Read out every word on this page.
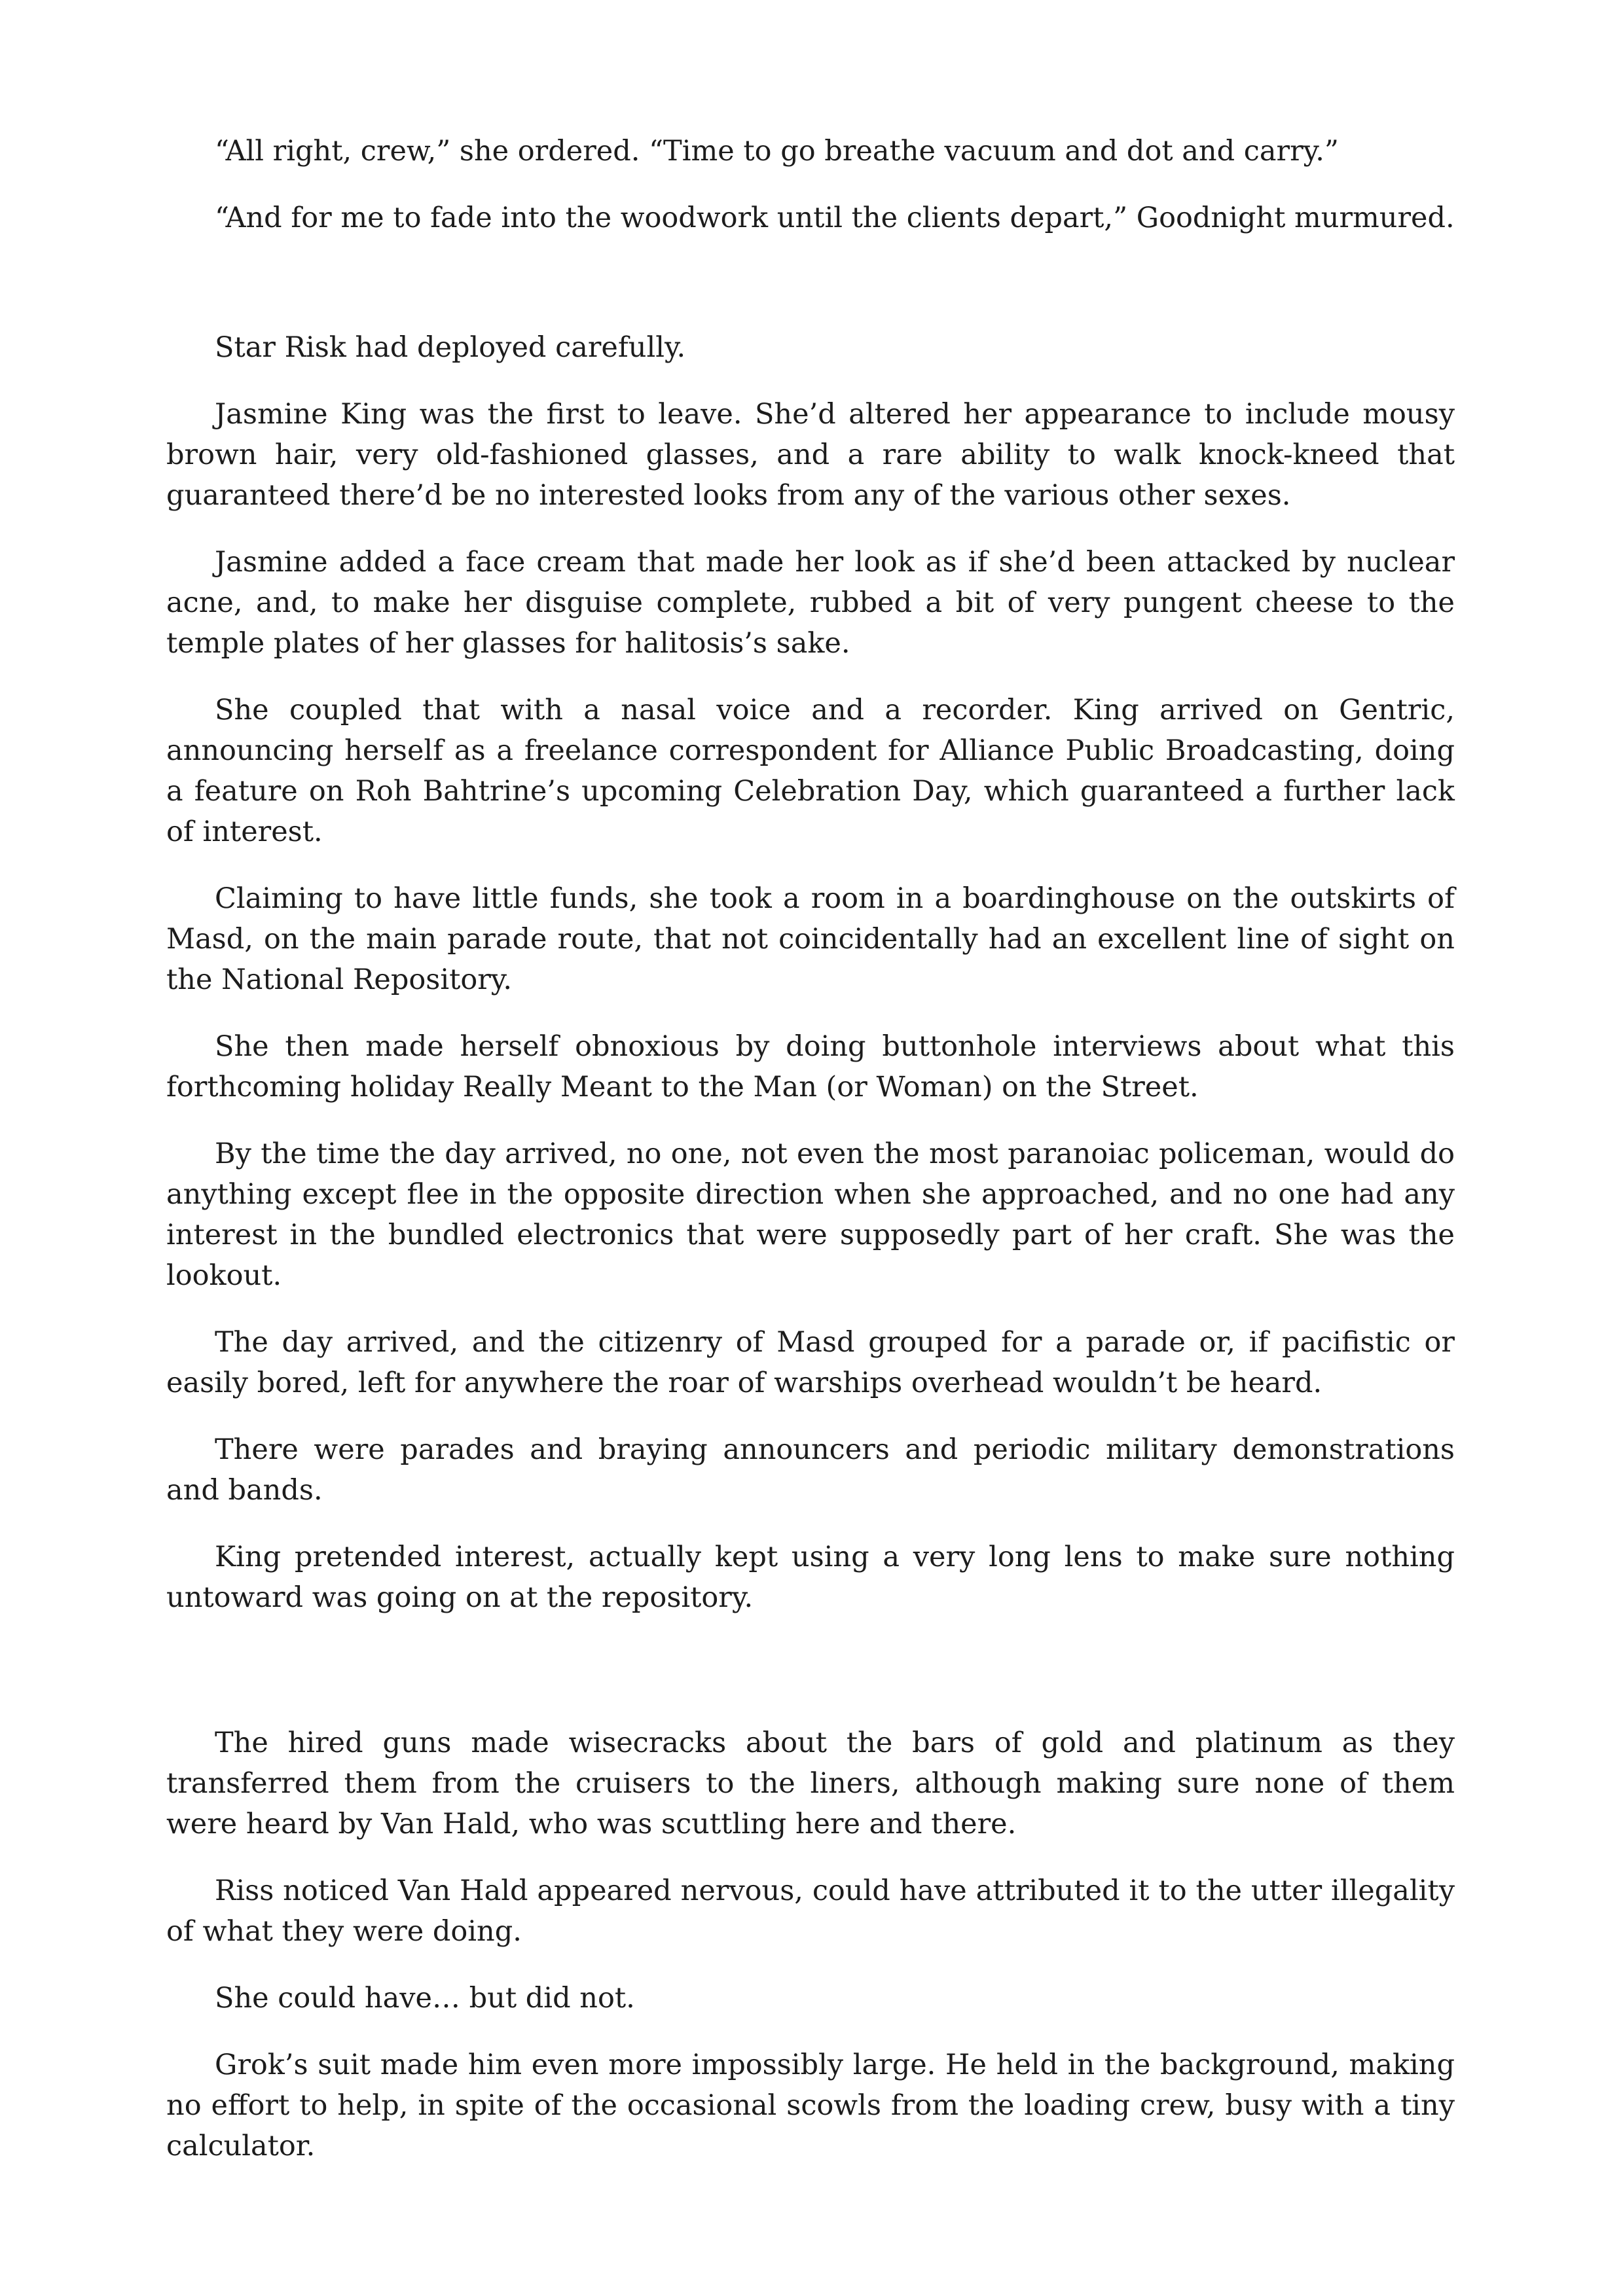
“All right, crew,” she ordered. “Time to go breathe vacuum and dot and carry.”

“And for me to fade into the woodwork until the clients depart,” Goodnight murmured.

Star Risk had deployed carefully.

Jasmine King was the first to leave. She’d altered her appearance to include mousy brown hair, very old-fashioned glasses, and a rare ability to walk knock-kneed that guaranteed there’d be no interested looks from any of the various other sexes.

Jasmine added a face cream that made her look as if she’d been attacked by nuclear acne, and, to make her disguise complete, rubbed a bit of very pungent cheese to the temple plates of her glasses for halitosis’s sake.

She coupled that with a nasal voice and a recorder. King arrived on Gentric, announcing herself as a freelance correspondent for Alliance Public Broadcasting, doing a feature on Roh Bahtrine’s upcoming Celebration Day, which guaranteed a further lack of interest.

Claiming to have little funds, she took a room in a boardinghouse on the outskirts of Masd, on the main parade route, that not coincidentally had an excellent line of sight on the National Repository.

She then made herself obnoxious by doing buttonhole interviews about what this forthcoming holiday Really Meant to the Man (or Woman) on the Street.

By the time the day arrived, no one, not even the most paranoiac policeman, would do anything except flee in the opposite direction when she approached, and no one had any interest in the bundled electronics that were supposedly part of her craft. She was the lookout.

The day arrived, and the citizenry of Masd grouped for a parade or, if pacifistic or easily bored, left for anywhere the roar of warships overhead wouldn’t be heard.

There were parades and braying announcers and periodic military demonstrations and bands.

King pretended interest, actually kept using a very long lens to make sure nothing untoward was going on at the repository.

The hired guns made wisecracks about the bars of gold and platinum as they transferred them from the cruisers to the liners, although making sure none of them were heard by Van Hald, who was scuttling here and there.

Riss noticed Van Hald appeared nervous, could have attributed it to the utter illegality of what they were doing.

She could have… but did not.

Grok’s suit made him even more impossibly large. He held in the background, making no effort to help, in spite of the occasional scowls from the loading crew, busy with a tiny calculator.
